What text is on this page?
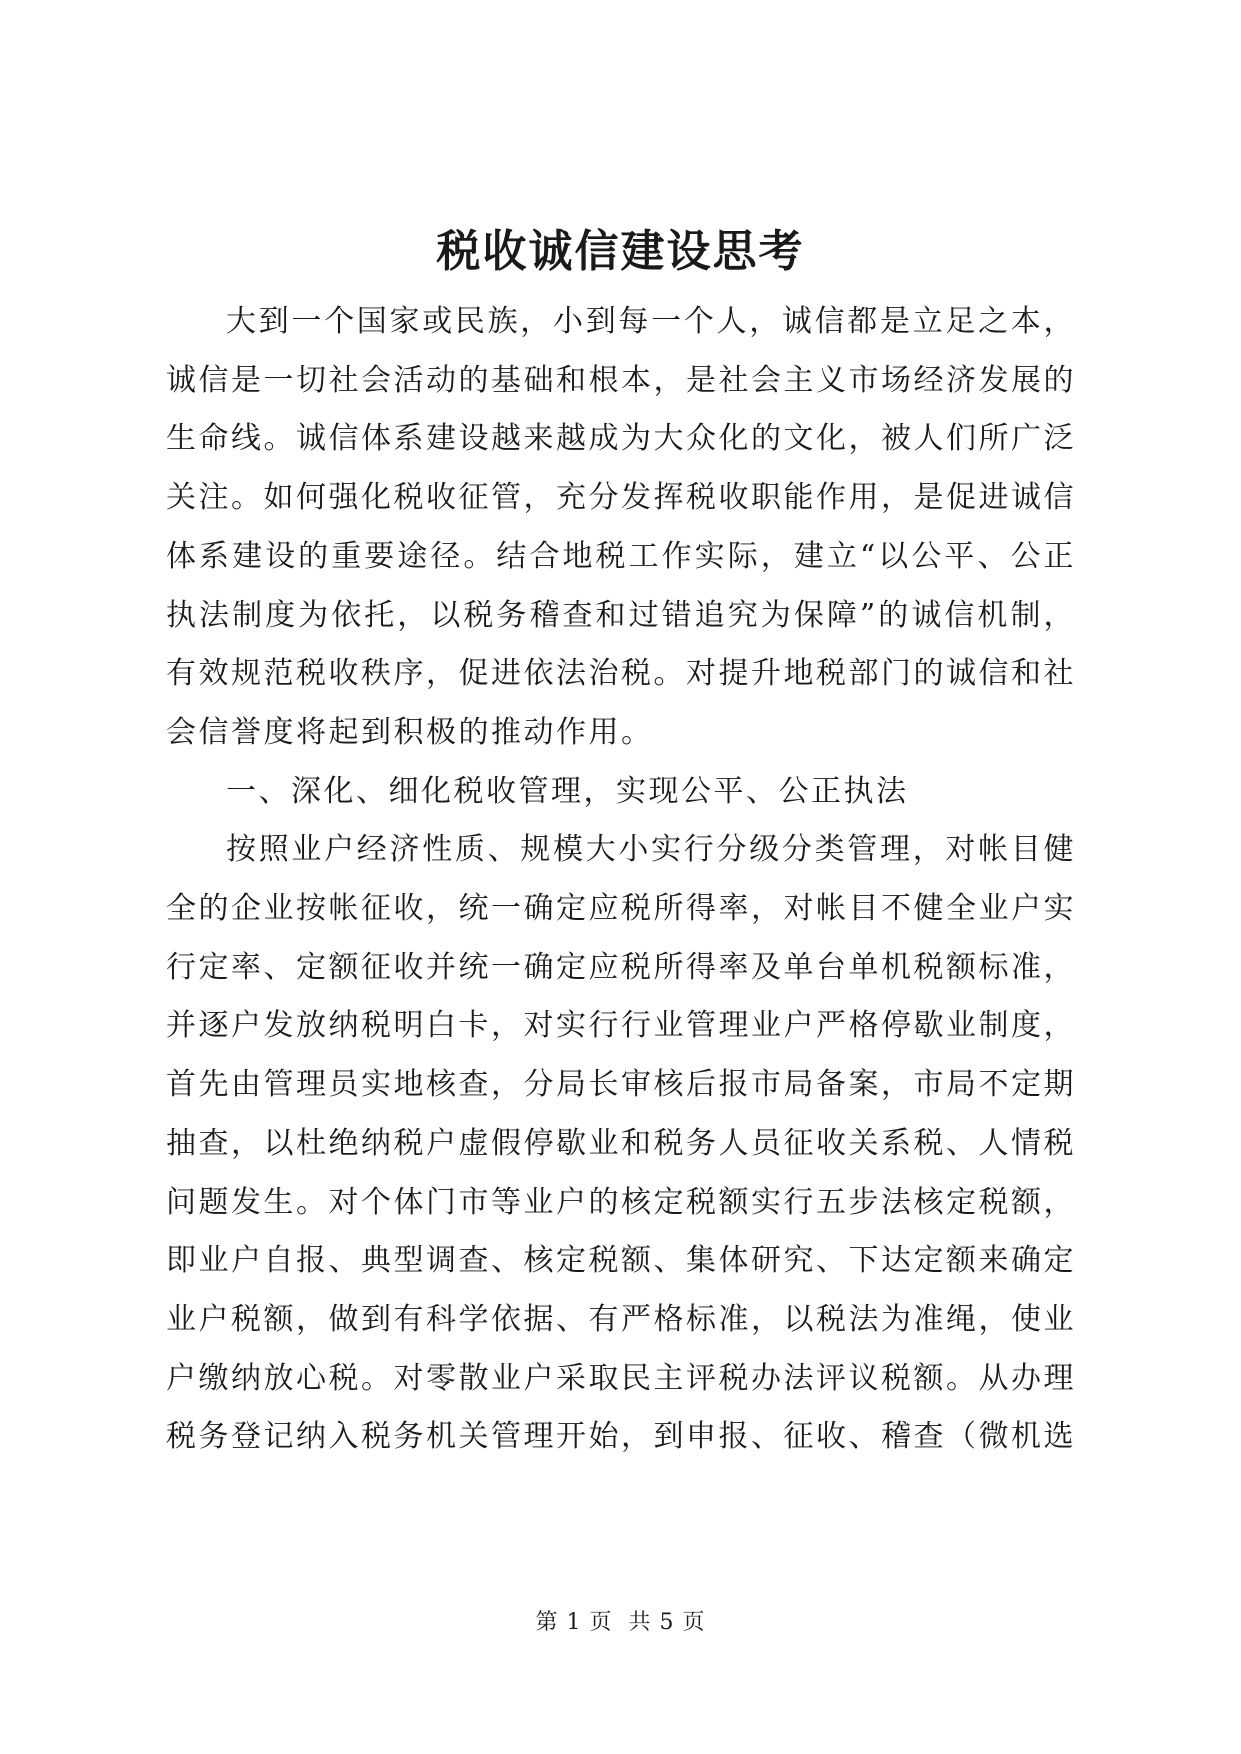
税收诚信建设思考

大到一个国家或民族，小到每一个人，诚信都是立足之本，诚信是一切社会活动的基础和根本，是社会主义市场经济发展的生命线。诚信体系建设越来越成为大众化的文化，被人们所广泛关注。如何强化税收征管，充分发挥税收职能作用，是促进诚信体系建设的重要途径。结合地税工作实际，建立“以公平、公正执法制度为依托，以税务稽查和过错追究为保障”的诚信机制，有效规范税收秩序，促进依法治税。对提升地税部门的诚信和社会信誉度将起到积极的推动作用。

一、深化、细化税收管理，实现公平、公正执法

按照业户经济性质、规模大小实行分级分类管理，对帐目健全的企业按帐征收，统一确定应税所得率，对帐目不健全业户实行定率、定额征收并统一确定应税所得率及单台单机税额标准，并逐户发放纳税明白卡，对实行行业管理业户严格停歇业制度，首先由管理员实地核查，分局长审核后报市局备案，市局不定期抽查，以杜绝纳税户虚假停歇业和税务人员征收关系税、人情税问题发生。对个体门市等业户的核定税额实行五步法核定税额，即业户自报、典型调查、核定税额、集体研究、下达定额来确定业户税额，做到有科学依据、有严格标准，以税法为准绳，使业户缴纳放心税。对零散业户采取民主评税办法评议税额。从办理税务登记纳入税务机关管理开始，到申报、征收、稽查（微机选

第 1 页  共 5 页
